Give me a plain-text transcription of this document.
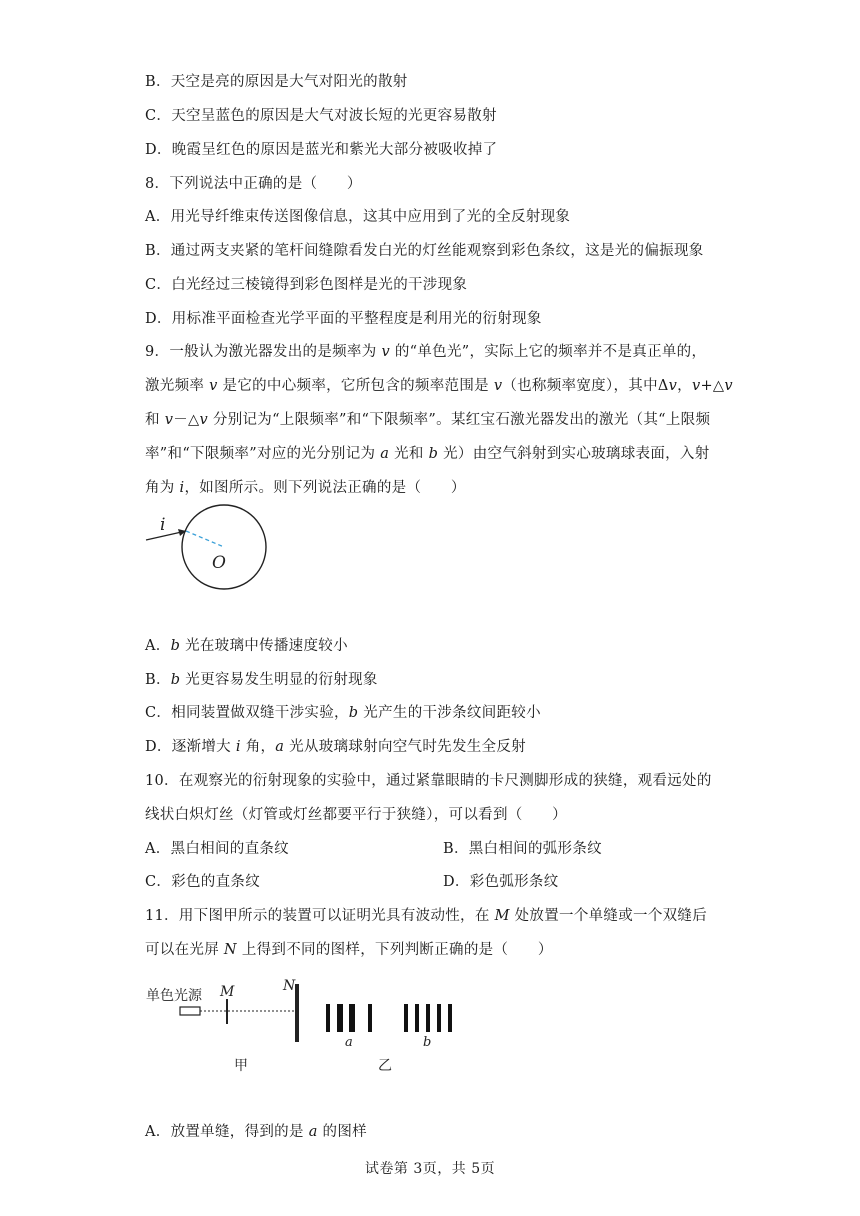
B．天空是亮的原因是大气对阳光的散射
C．天空呈蓝色的原因是大气对波长短的光更容易散射
D．晚霞呈红色的原因是蓝光和紫光大部分被吸收掉了
8．下列说法中正确的是（　　）
A．用光导纤维束传送图像信息，这其中应用到了光的全反射现象
B．通过两支夹紧的笔杆间缝隙看发白光的灯丝能观察到彩色条纹，这是光的偏振现象
C．白光经过三棱镜得到彩色图样是光的干涉现象
D．用标准平面检查光学平面的平整程度是利用光的衍射现象
9．一般认为激光器发出的是频率为 v 的“单色光”，实际上它的频率并不是真正单的，
激光频率 v 是它的中心频率，它所包含的频率范围是 v（也称频率宽度），其中Δv，v+△v
和 v－△v 分别记为“上限频率”和“下限频率”。某红宝石激光器发出的激光（其“上限频
率”和“下限频率”对应的光分别记为 a 光和 b 光）由空气斜射到实心玻璃球表面，入射
角为 i，如图所示。则下列说法正确的是（　　）
i
O
A．b 光在玻璃中传播速度较小
B．b 光更容易发生明显的衍射现象
C．相同装置做双缝干涉实验，b 光产生的干涉条纹间距较小
D．逐渐增大 i 角，a 光从玻璃球射向空气时先发生全反射
10．在观察光的衍射现象的实验中，通过紧靠眼睛的卡尺测脚形成的狭缝，观看远处的
线状白炽灯丝（灯管或灯丝都要平行于狭缝），可以看到（　　）
A．黑白相间的直条纹	B．黑白相间的弧形条纹
C．彩色的直条纹	D．彩色弧形条纹
11．用下图甲所示的装置可以证明光具有波动性，在 M 处放置一个单缝或一个双缝后
可以在光屏 N 上得到不同的图样，下列判断正确的是（　　）
单色光源 M	N
a	b
甲	乙
A．放置单缝，得到的是 a 的图样
试卷第 3页，共 5页
